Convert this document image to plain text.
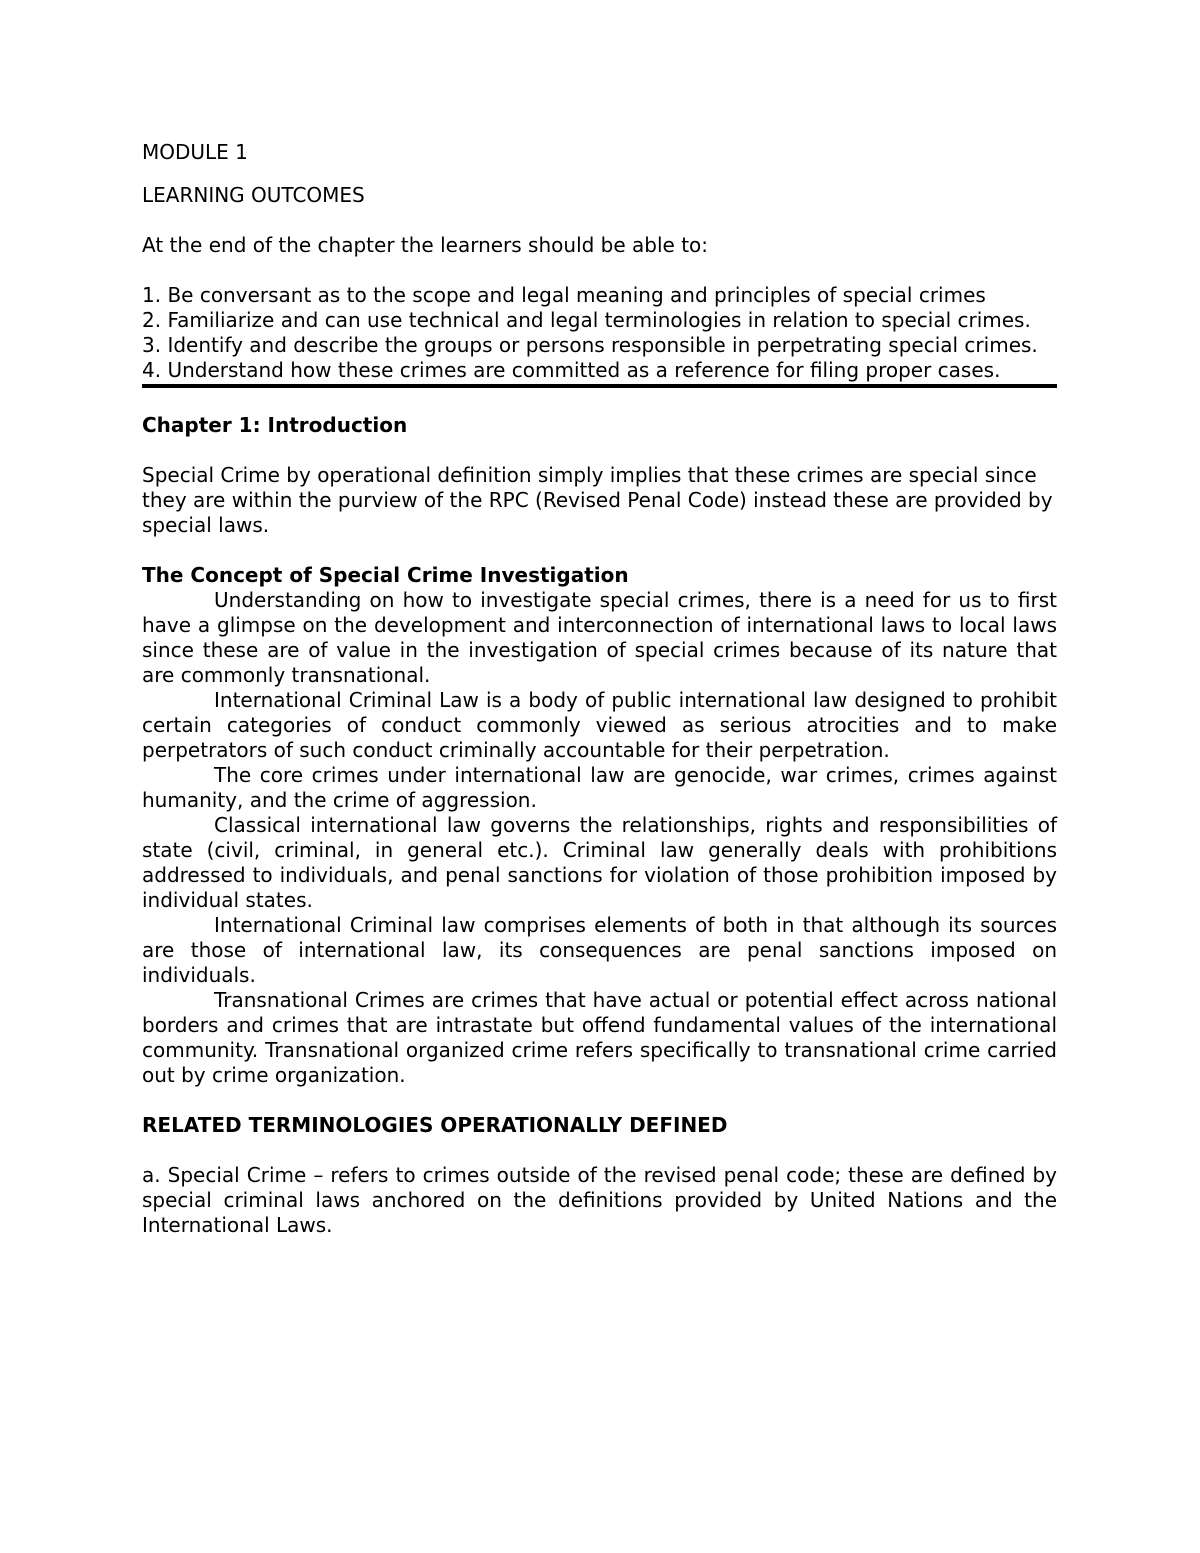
MODULE 1

LEARNING OUTCOMES

At the end of the chapter the learners should be able to:

1. Be conversant as to the scope and legal meaning and principles of special crimes
2. Familiarize and can use technical and legal terminologies in relation to special crimes.
3. Identify and describe the groups or persons responsible in perpetrating special crimes.
4. Understand how these crimes are committed as a reference for filing proper cases.

Chapter 1: Introduction

Special Crime by operational definition simply implies that these crimes are special since they are within the purview of the RPC (Revised Penal Code) instead these are provided by special laws.

The Concept of Special Crime Investigation

Understanding on how to investigate special crimes, there is a need for us to first have a glimpse on the development and interconnection of international laws to local laws since these are of value in the investigation of special crimes because of its nature that are commonly transnational.

International Criminal Law is a body of public international law designed to prohibit certain categories of conduct commonly viewed as serious atrocities and to make perpetrators of such conduct criminally accountable for their perpetration.

The core crimes under international law are genocide, war crimes, crimes against humanity, and the crime of aggression.

Classical international law governs the relationships, rights and responsibilities of state (civil, criminal, in general etc.). Criminal law generally deals with prohibitions addressed to individuals, and penal sanctions for violation of those prohibition imposed by individual states.

International Criminal law comprises elements of both in that although its sources are those of international law, its consequences are penal sanctions imposed on individuals.

Transnational Crimes are crimes that have actual or potential effect across national borders and crimes that are intrastate but offend fundamental values of the international community. Transnational organized crime refers specifically to transnational crime carried out by crime organization.

RELATED TERMINOLOGIES OPERATIONALLY DEFINED

a. Special Crime – refers to crimes outside of the revised penal code; these are defined by special criminal laws anchored on the definitions provided by United Nations and the International Laws.
